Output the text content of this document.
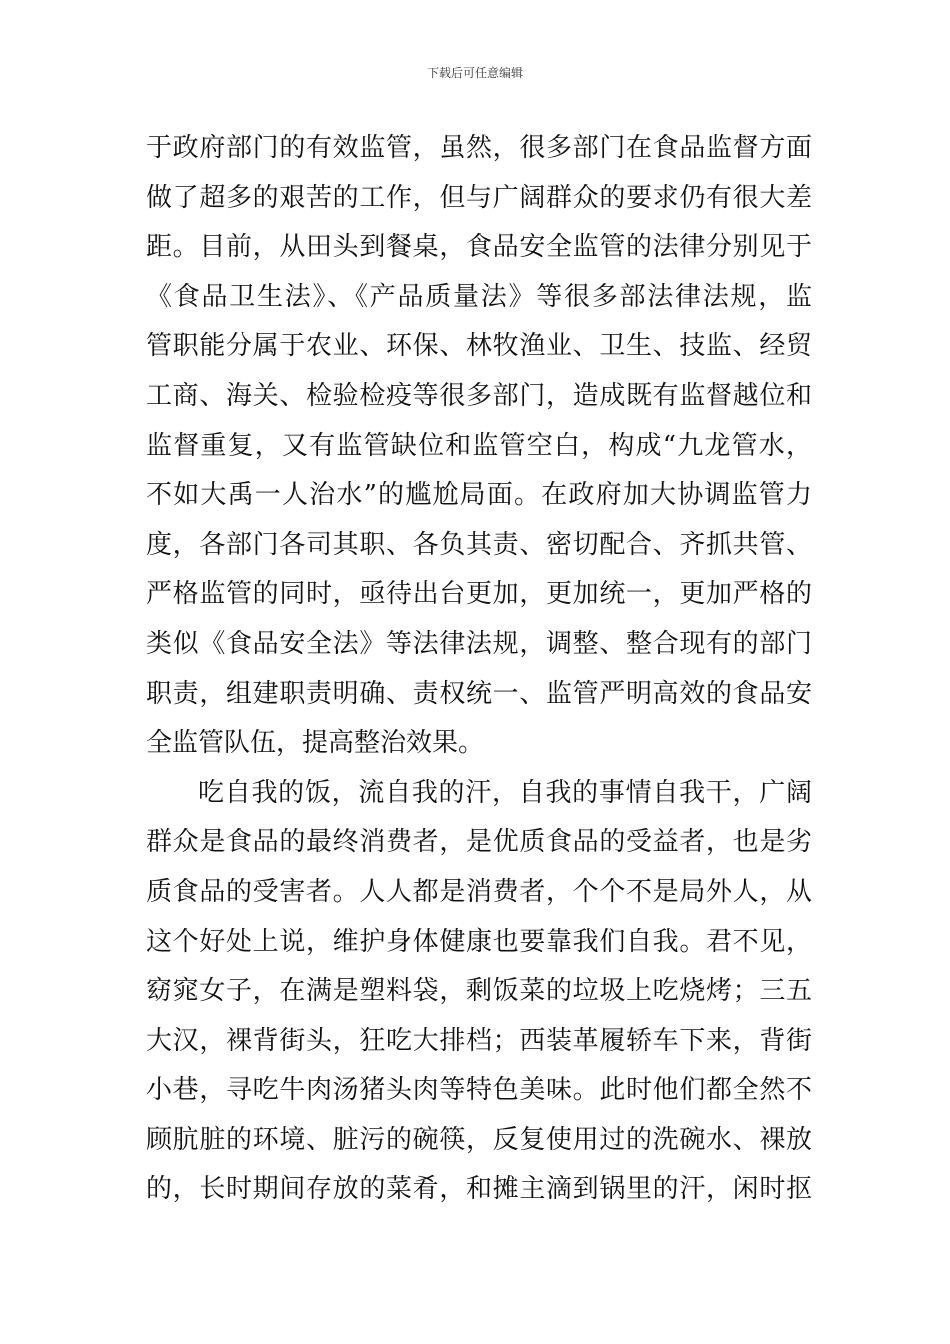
下载后可任意编辑
于政府部门的有效监管，虽然，很多部门在食品监督方面
做了超多的艰苦的工作，但与广阔群众的要求仍有很大差
距。目前，从田头到餐桌，食品安全监管的法律分别见于
《食品卫生法》、《产品质量法》等很多部法律法规，监
管职能分属于农业、环保、林牧渔业、卫生、技监、经贸
工商、海关、检验检疫等很多部门，造成既有监督越位和
监督重复，又有监管缺位和监管空白，构成“九龙管水，
不如大禹一人治水”的尴尬局面。在政府加大协调监管力
度，各部门各司其职、各负其责、密切配合、齐抓共管、
严格监管的同时，亟待出台更加，更加统一，更加严格的
类似《食品安全法》等法律法规，调整、整合现有的部门
职责，组建职责明确、责权统一、监管严明高效的食品安
全监管队伍，提高整治效果。
吃自我的饭，流自我的汗，自我的事情自我干，广阔
群众是食品的最终消费者，是优质食品的受益者，也是劣
质食品的受害者。人人都是消费者，个个不是局外人，从
这个好处上说，维护身体健康也要靠我们自我。君不见，
窈窕女子，在满是塑料袋，剩饭菜的垃圾上吃烧烤；三五
大汉，裸背街头，狂吃大排档；西装革履轿车下来，背街
小巷，寻吃牛肉汤猪头肉等特色美味。此时他们都全然不
顾肮脏的环境、脏污的碗筷，反复使用过的洗碗水、裸放
的，长时期间存放的菜肴，和摊主滴到锅里的汗，闲时抠
